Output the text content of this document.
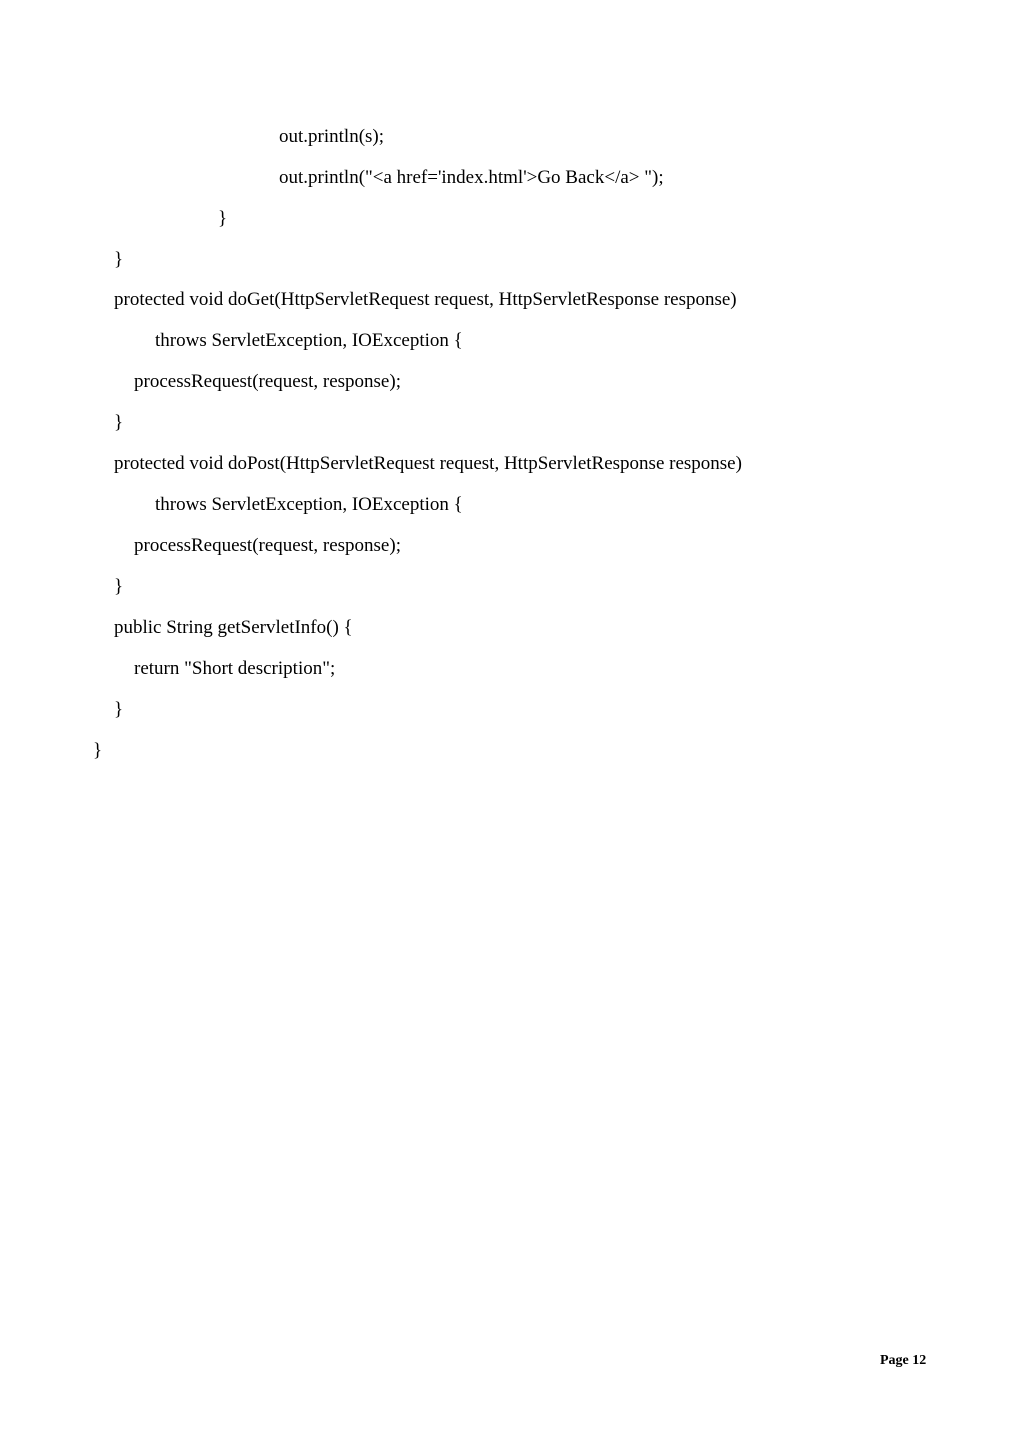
out.println(s);
out.println("<a href='index.html'>Go Back</a> ");
}
}
protected void doGet(HttpServletRequest request, HttpServletResponse response)
throws ServletException, IOException {
processRequest(request, response);
}
protected void doPost(HttpServletRequest request, HttpServletResponse response)
throws ServletException, IOException {
processRequest(request, response);
}
public String getServletInfo() {
return "Short description";
}
}
Page 12
